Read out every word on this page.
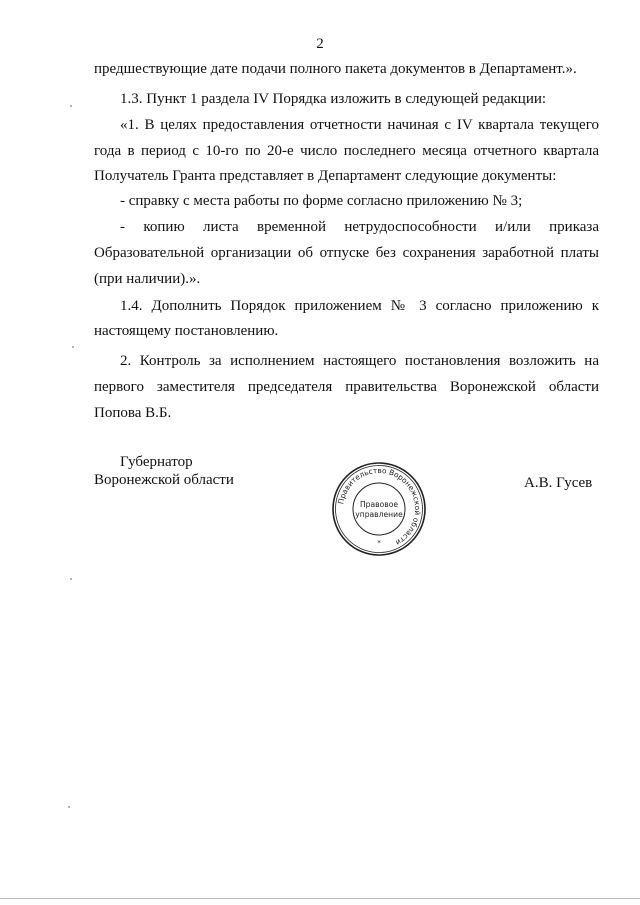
2
предшествующие дате подачи полного пакета документов в Департамент.».
1.3. Пункт 1 раздела IV Порядка изложить в следующей редакции:
«1. В целях предоставления отчетности начиная с IV квартала текущего
года в период с 10-го по 20-е число последнего месяца отчетного квартала
Получатель Гранта представляет в Департамент следующие документы:
- справку с места работы по форме согласно приложению № 3;
- копию листа временной нетрудоспособности и/или приказа
Образовательной организации об отпуске без сохранения заработной платы
(при наличии).».
1.4. Дополнить Порядок приложением № 3 согласно приложению к
настоящему постановлению.
2. Контроль за исполнением настоящего постановления возложить на
первого заместителя председателя правительства Воронежской области
Попова В.Б.
Губернатор
Воронежской области	А.В. Гусев
Правительство Воронежской области
Правовое
управление
*
